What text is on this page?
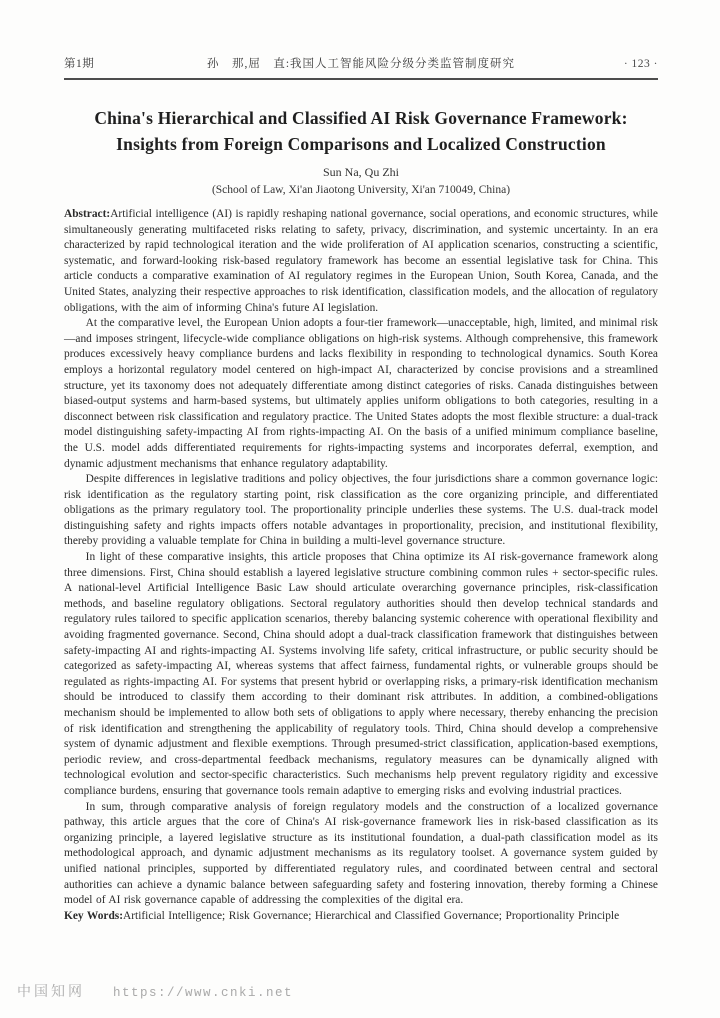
第1期	孙　那,屈　直:我国人工智能风险分级分类监管制度研究	· 123 ·
China's Hierarchical and Classified AI Risk Governance Framework:
Insights from Foreign Comparisons and Localized Construction
Sun Na, Qu Zhi
(School of Law, Xi'an Jiaotong University, Xi'an 710049, China)

Abstract:Artificial intelligence (AI) is rapidly reshaping national governance, social operations, and economic structures, while simultaneously generating multifaceted risks relating to safety, privacy, discrimination, and systemic uncertainty. In an era characterized by rapid technological iteration and the wide proliferation of AI application scenarios, constructing a scientific, systematic, and forward-looking risk-based regulatory framework has become an essential legislative task for China. This article conducts a comparative examination of AI regulatory regimes in the European Union, South Korea, Canada, and the United States, analyzing their respective approaches to risk identification, classification models, and the allocation of regulatory obligations, with the aim of informing China's future AI legislation.

At the comparative level, the European Union adopts a four-tier framework—unacceptable, high, limited, and minimal risk—and imposes stringent, lifecycle-wide compliance obligations on high-risk systems. Although comprehensive, this framework produces excessively heavy compliance burdens and lacks flexibility in responding to technological dynamics. South Korea employs a horizontal regulatory model centered on high-impact AI, characterized by concise provisions and a streamlined structure, yet its taxonomy does not adequately differentiate among distinct categories of risks. Canada distinguishes between biased-output systems and harm-based systems, but ultimately applies uniform obligations to both categories, resulting in a disconnect between risk classification and regulatory practice. The United States adopts the most flexible structure: a dual-track model distinguishing safety-impacting AI from rights-impacting AI. On the basis of a unified minimum compliance baseline, the U.S. model adds differentiated requirements for rights-impacting systems and incorporates deferral, exemption, and dynamic adjustment mechanisms that enhance regulatory adaptability.

Despite differences in legislative traditions and policy objectives, the four jurisdictions share a common governance logic: risk identification as the regulatory starting point, risk classification as the core organizing principle, and differentiated obligations as the primary regulatory tool. The proportionality principle underlies these systems. The U.S. dual-track model distinguishing safety and rights impacts offers notable advantages in proportionality, precision, and institutional flexibility, thereby providing a valuable template for China in building a multi-level governance structure.

In light of these comparative insights, this article proposes that China optimize its AI risk-governance framework along three dimensions. First, China should establish a layered legislative structure combining common rules + sector-specific rules. A national-level Artificial Intelligence Basic Law should articulate overarching governance principles, risk-classification methods, and baseline regulatory obligations. Sectoral regulatory authorities should then develop technical standards and regulatory rules tailored to specific application scenarios, thereby balancing systemic coherence with operational flexibility and avoiding fragmented governance. Second, China should adopt a dual-track classification framework that distinguishes between safety-impacting AI and rights-impacting AI. Systems involving life safety, critical infrastructure, or public security should be categorized as safety-impacting AI, whereas systems that affect fairness, fundamental rights, or vulnerable groups should be regulated as rights-impacting AI. For systems that present hybrid or overlapping risks, a primary-risk identification mechanism should be introduced to classify them according to their dominant risk attributes. In addition, a combined-obligations mechanism should be implemented to allow both sets of obligations to apply where necessary, thereby enhancing the precision of risk identification and strengthening the applicability of regulatory tools. Third, China should develop a comprehensive system of dynamic adjustment and flexible exemptions. Through presumed-strict classification, application-based exemptions, periodic review, and cross-departmental feedback mechanisms, regulatory measures can be dynamically aligned with technological evolution and sector-specific characteristics. Such mechanisms help prevent regulatory rigidity and excessive compliance burdens, ensuring that governance tools remain adaptive to emerging risks and evolving industrial practices.

In sum, through comparative analysis of foreign regulatory models and the construction of a localized governance pathway, this article argues that the core of China's AI risk-governance framework lies in risk-based classification as its organizing principle, a layered legislative structure as its institutional foundation, a dual-path classification model as its methodological approach, and dynamic adjustment mechanisms as its regulatory toolset. A governance system guided by unified national principles, supported by differentiated regulatory rules, and coordinated between central and sectoral authorities can achieve a dynamic balance between safeguarding safety and fostering innovation, thereby forming a Chinese model of AI risk governance capable of addressing the complexities of the digital era.

Key Words:Artificial Intelligence; Risk Governance; Hierarchical and Classified Governance; Proportionality Principle

中国知网 https://www.cnki.net
